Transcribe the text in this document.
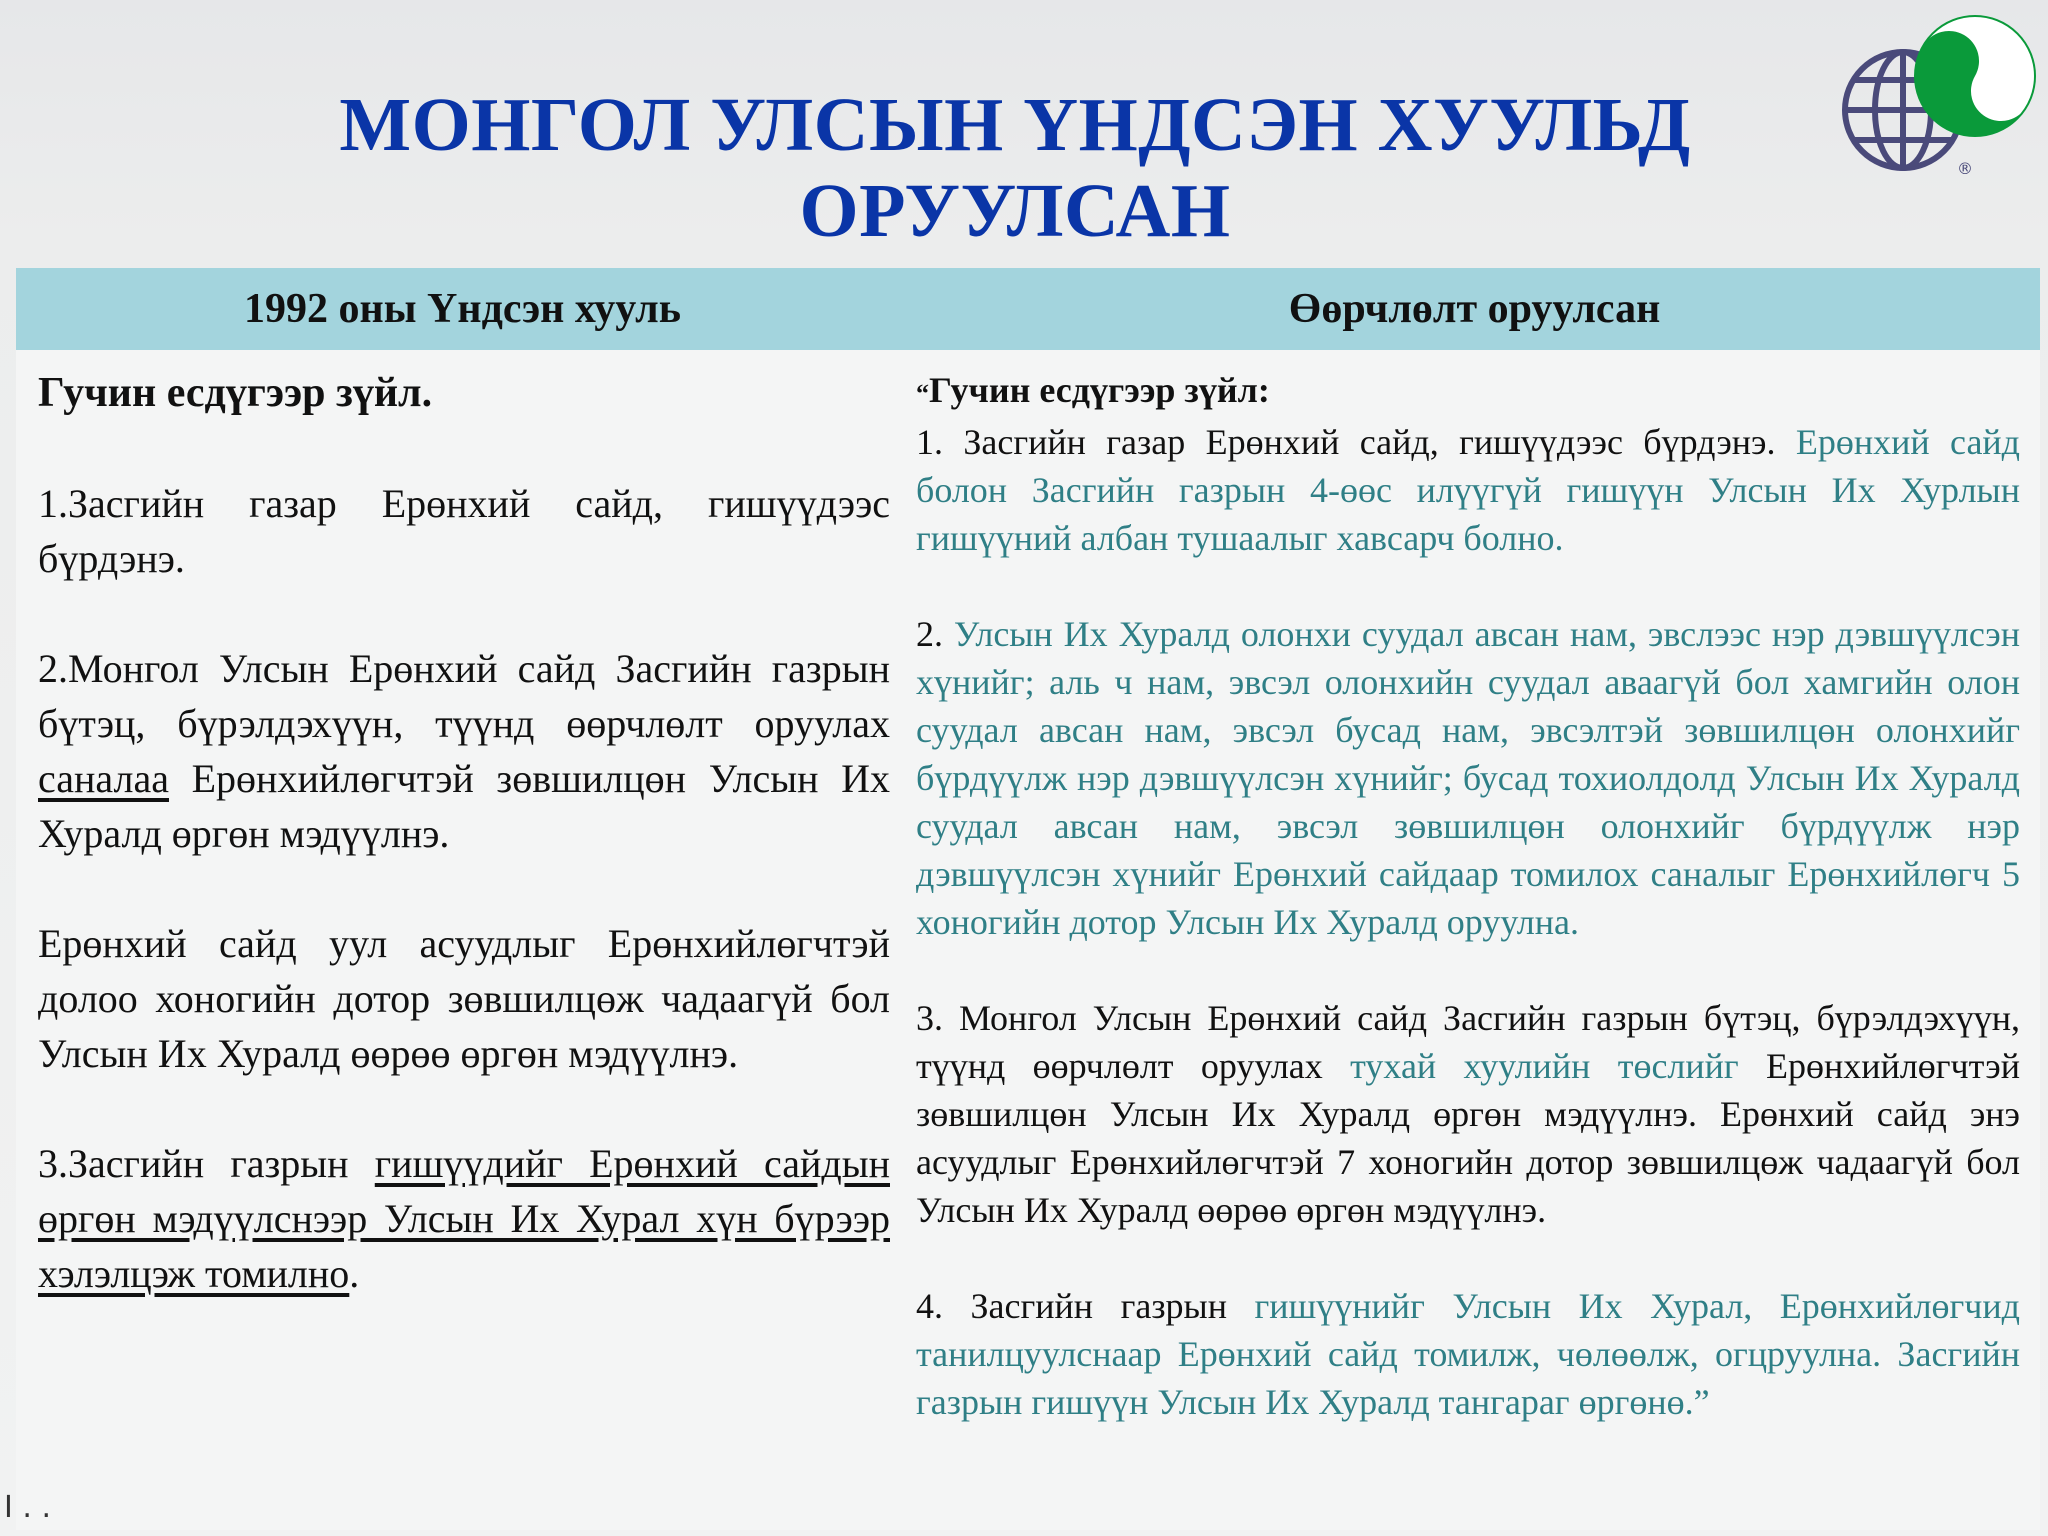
МОНГОЛ УЛСЫН ҮНДСЭН ХУУЛЬД ОРУУЛСАН
®
1992 оны Үндсэн хууль	Өөрчлөлт оруулсан

Гучин есдүгээр зүйл.

1.Засгийн газар Ерөнхий сайд, гишүүдээс бүрдэнэ.

2.Монгол Улсын Ерөнхий сайд Засгийн газрын бүтэц, бүрэлдэхүүн, түүнд өөрчлөлт оруулах саналаа Ерөнхийлөгчтэй зөвшилцөн Улсын Их Хуралд өргөн мэдүүлнэ.

Ерөнхий сайд уул асуудлыг Ерөнхийлөгчтэй долоо хоногийн дотор зөвшилцөж чадаагүй бол Улсын Их Хуралд өөрөө өргөн мэдүүлнэ.

3.Засгийн газрын гишүүдийг Ерөнхий сайдын өргөн мэдүүлснээр Улсын Их Хурал хүн бүрээр хэлэлцэж томилно.

“Гучин есдүгээр зүйл:

1. Засгийн газар Ерөнхий сайд, гишүүдээс бүрдэнэ. Ерөнхий сайд болон Засгийн газрын 4-өөс илүүгүй гишүүн Улсын Их Хурлын гишүүний албан тушаалыг хавсарч болно.

2. Улсын Их Хуралд олонхи суудал авсан нам, эвслээс нэр дэвшүүлсэн хүнийг; аль ч нам, эвсэл олонхийн суудал аваагүй бол хамгийн олон суудал авсан нам, эвсэл бусад нам, эвсэлтэй зөвшилцөн олонхийг бүрдүүлж нэр дэвшүүлсэн хүнийг; бусад тохиолдолд Улсын Их Хуралд суудал авсан нам, эвсэл зөвшилцөн олонхийг бүрдүүлж нэр дэвшүүлсэн хүнийг Ерөнхий сайдаар томилох саналыг Ерөнхийлөгч 5 хоногийн дотор Улсын Их Хуралд оруулна.

3. Монгол Улсын Ерөнхий сайд Засгийн газрын бүтэц, бүрэлдэхүүн, түүнд өөрчлөлт оруулах тухай хуулийн төслийг Ерөнхийлөгчтэй зөвшилцөн Улсын Их Хуралд өргөн мэдүүлнэ. Ерөнхий сайд энэ асуудлыг Ерөнхийлөгчтэй 7 хоногийн дотор зөвшилцөж чадаагүй бол Улсын Их Хуралд өөрөө өргөн мэдүүлнэ.

4. Засгийн газрын гишүүнийг Улсын Их Хурал, Ерөнхийлөгчид танилцуулснаар Ерөнхий сайд томилж, чөлөөлж, огцруулна. Засгийн газрын гишүүн Улсын Их Хуралд тангараг өргөнө.”

I . .
